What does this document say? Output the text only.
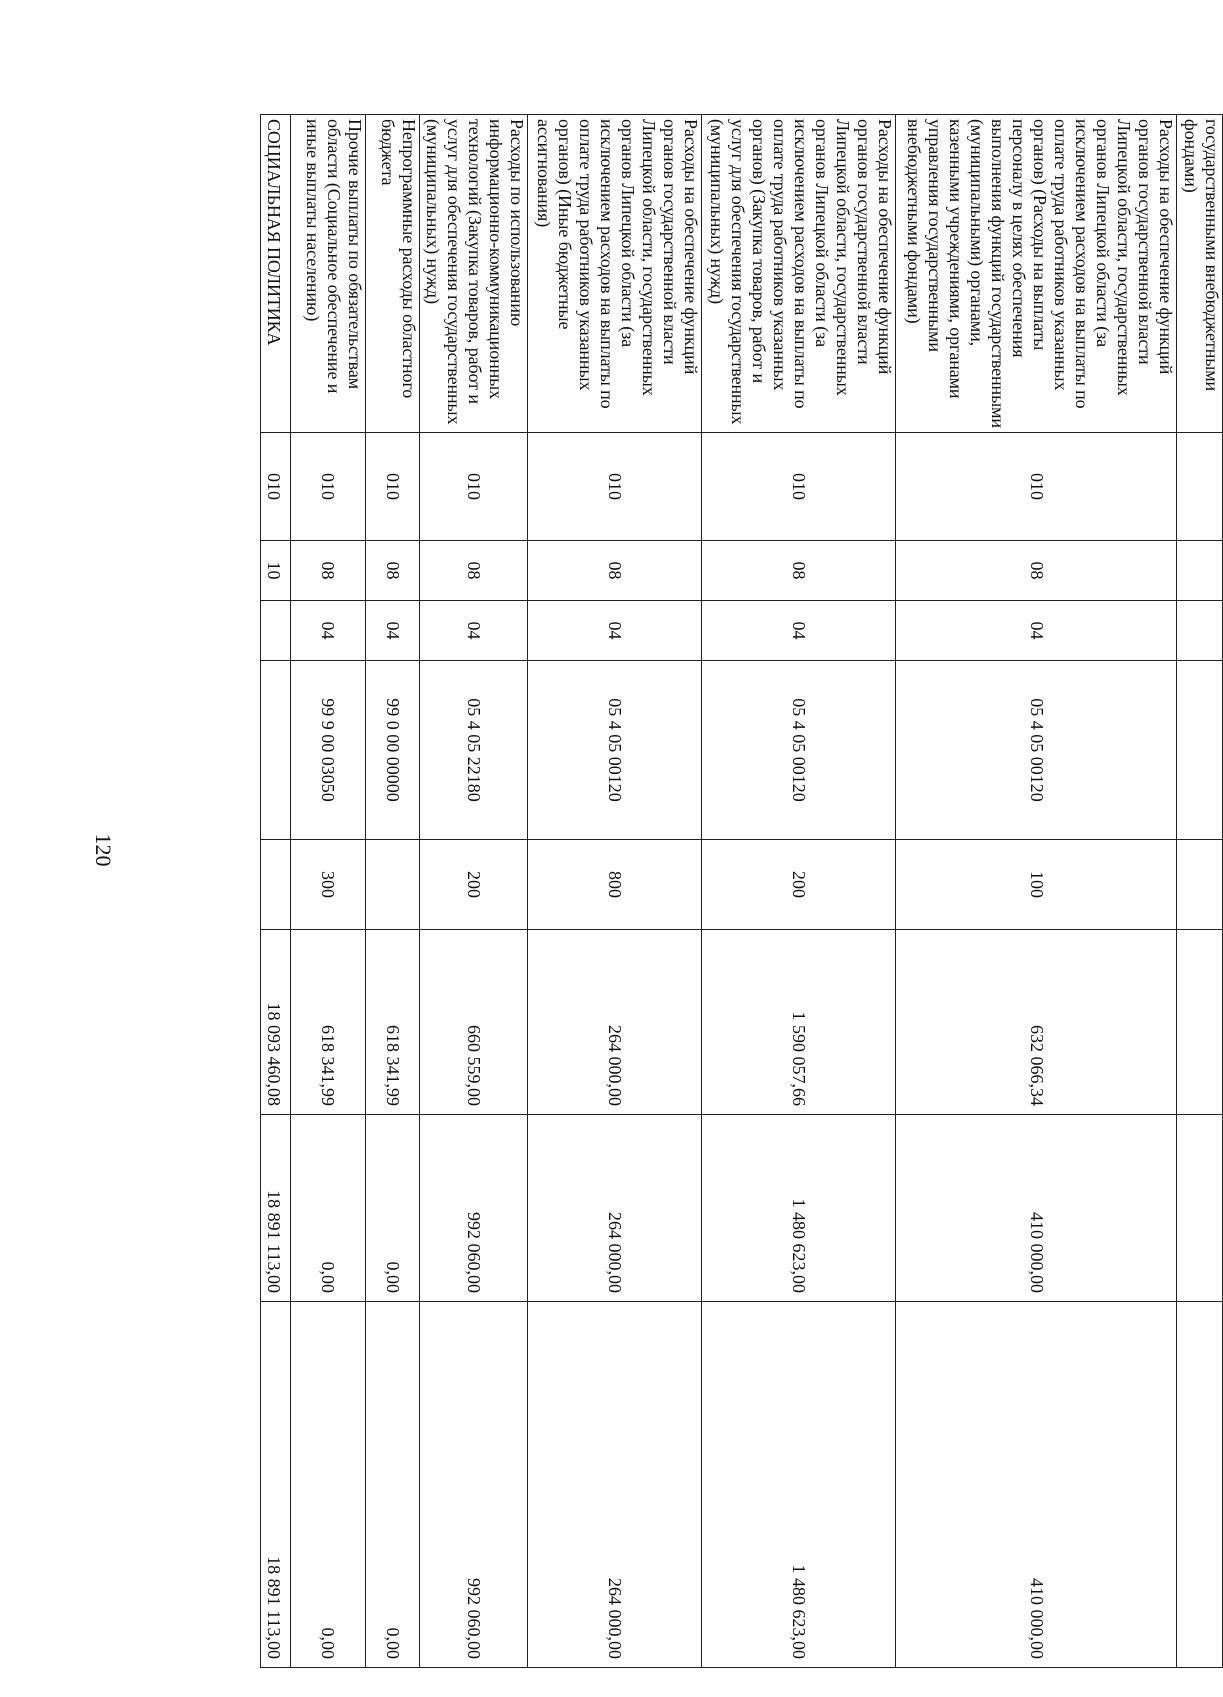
120
государственными внебюджетными фондами)								
Расходы на обеспечение функций органов государственной власти Липецкой области, государственных органов Липецкой области (за исключением расходов на выплаты по оплате труда работников указанных органов) (Расходы на выплаты персоналу в целях обеспечения выполнения функций государственными (муниципальными) органами, казенными учреждениями, органами управления государственными внебюджетными фондами)	010	08	04	05 4 05 00120	100	632 066,34	410 000,00	410 000,00
Расходы на обеспечение функций органов государственной власти Липецкой области, государственных органов Липецкой области (за исключением расходов на выплаты по оплате труда работников указанных органов) (Закупка товаров, работ и услуг для обеспечения государственных (муниципальных) нужд)	010	08	04	05 4 05 00120	200	1 590 057,66	1 480 623,00	1 480 623,00
Расходы на обеспечение функций органов государственной власти Липецкой области, государственных органов Липецкой области (за исключением расходов на выплаты по оплате труда работников указанных органов) (Иные бюджетные ассигнования)	010	08	04	05 4 05 00120	800	264 000,00	264 000,00	264 000,00
Расходы по использованию информационно-коммуникационных технологий (Закупка товаров, работ и услуг для обеспечения государственных (муниципальных) нужд)	010	08	04	05 4 05 22180	200	660 559,00	992 060,00	992 060,00
Непрограммные расходы областного бюджета	010	08	04	99 0 00 00000		618 341,99	0,00	0,00
Прочие выплаты по обязательствам области (Социальное обеспечение и иные выплаты населению)	010	08	04	99 9 00 03050	300	618 341,99	0,00	0,00
СОЦИАЛЬНАЯ ПОЛИТИКА	010	10				18 093 460,08	18 891 113,00	18 891 113,00
